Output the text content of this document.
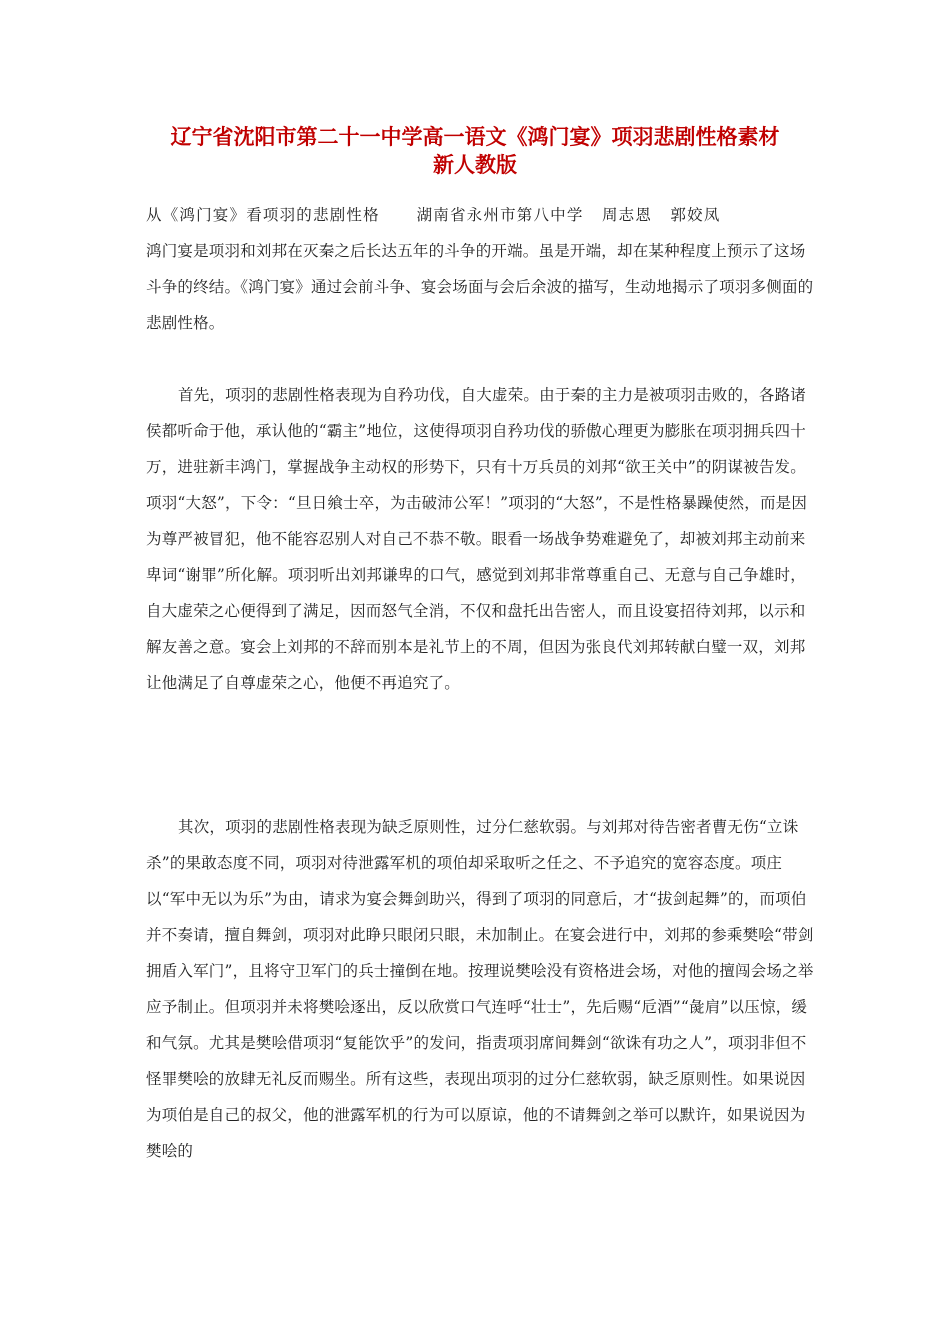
辽宁省沈阳市第二十一中学高一语文《鸿门宴》项羽悲剧性格素材
新人教版

从《鸿门宴》看项羽的悲剧性格      湖南省永州市第八中学   周志恩   郭姣凤

鸿门宴是项羽和刘邦在灭秦之后长达五年的斗争的开端。虽是开端，却在某种程度上预示了这场斗争的终结。《鸿门宴》通过会前斗争、宴会场面与会后余波的描写，生动地揭示了项羽多侧面的悲剧性格。

首先，项羽的悲剧性格表现为自矜功伐，自大虚荣。由于秦的主力是被项羽击败的，各路诸侯都听命于他，承认他的“霸主”地位，这使得项羽自矜功伐的骄傲心理更为膨胀在项羽拥兵四十万，进驻新丰鸿门，掌握战争主动权的形势下，只有十万兵员的刘邦“欲王关中”的阴谋被告发。项羽“大怒”，下令：“旦日飨士卒，为击破沛公军！”项羽的“大怒”，不是性格暴躁使然，而是因为尊严被冒犯，他不能容忍别人对自己不恭不敬。眼看一场战争势难避免了，却被刘邦主动前来卑词“谢罪”所化解。项羽听出刘邦谦卑的口气，感觉到刘邦非常尊重自己、无意与自己争雄时，自大虚荣之心便得到了满足，因而怒气全消，不仅和盘托出告密人，而且设宴招待刘邦，以示和解友善之意。宴会上刘邦的不辞而别本是礼节上的不周，但因为张良代刘邦转献白璧一双，刘邦让他满足了自尊虚荣之心，他便不再追究了。

其次，项羽的悲剧性格表现为缺乏原则性，过分仁慈软弱。与刘邦对待告密者曹无伤“立诛杀”的果敢态度不同，项羽对待泄露军机的项伯却采取听之任之、不予追究的宽容态度。项庄以“军中无以为乐”为由，请求为宴会舞剑助兴，得到了项羽的同意后，才“拔剑起舞”的，而项伯并不奏请，擅自舞剑，项羽对此睁只眼闭只眼，未加制止。在宴会进行中，刘邦的参乘樊哙“带剑拥盾入军门”，且将守卫军门的兵士撞倒在地。按理说樊哙没有资格进会场，对他的擅闯会场之举应予制止。但项羽并未将樊哙逐出，反以欣赏口气连呼“壮士”，先后赐“卮酒”“彘肩”以压惊，缓和气氛。尤其是樊哙借项羽“复能饮乎”的发问，指责项羽席间舞剑“欲诛有功之人”，项羽非但不怪罪樊哙的放肆无礼反而赐坐。所有这些，表现出项羽的过分仁慈软弱，缺乏原则性。如果说因为项伯是自己的叔父，他的泄露军机的行为可以原谅，他的不请舞剑之举可以默许，如果说因为樊哙的
